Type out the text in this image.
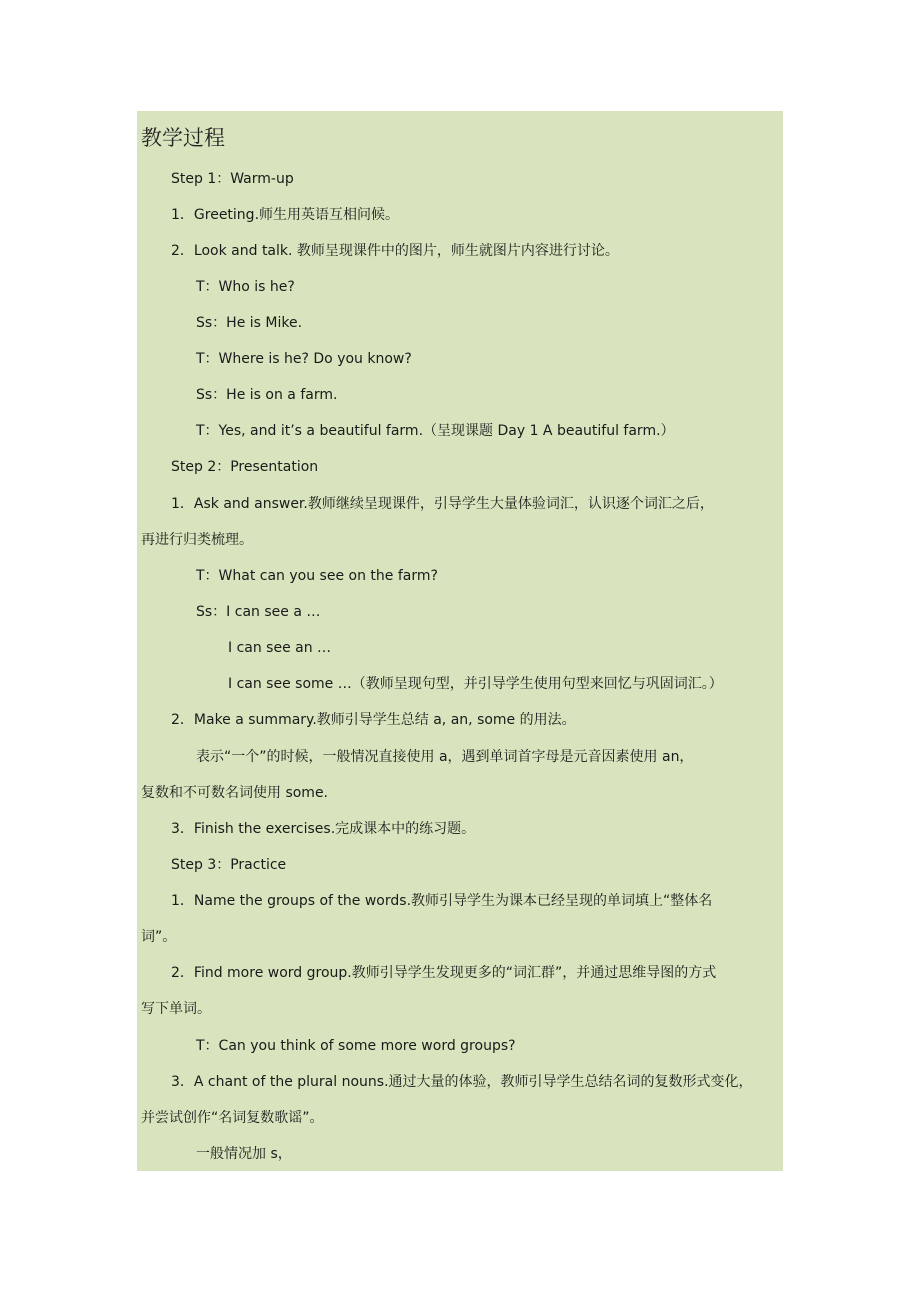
教学过程
Step 1：Warm-up
1．Greeting.师生用英语互相问候。
2．Look and talk. 教师呈现课件中的图片，师生就图片内容进行讨论。
T：Who is he?
Ss：He is Mike.
T：Where is he? Do you know?
Ss：He is on a farm.
T：Yes, and it’s a beautiful farm.（呈现课题 Day 1 A beautiful farm.）
Step 2：Presentation
1．Ask and answer.教师继续呈现课件，引导学生大量体验词汇，认识逐个词汇之后，
再进行归类梳理。
T：What can you see on the farm?
Ss：I can see a …
I can see an …
I can see some …（教师呈现句型，并引导学生使用句型来回忆与巩固词汇。）
2．Make a summary.教师引导学生总结 a, an, some 的用法。
表示“一个”的时候，一般情况直接使用 a，遇到单词首字母是元音因素使用 an，
复数和不可数名词使用 some.
3．Finish the exercises.完成课本中的练习题。
Step 3：Practice
1．Name the groups of the words.教师引导学生为课本已经呈现的单词填上“整体名
词”。
2．Find more word group.教师引导学生发现更多的“词汇群”，并通过思维导图的方式
写下单词。
T：Can you think of some more word groups?
3．A chant of the plural nouns.通过大量的体验，教师引导学生总结名词的复数形式变化，
并尝试创作“名词复数歌谣”。
一般情况加 s，
